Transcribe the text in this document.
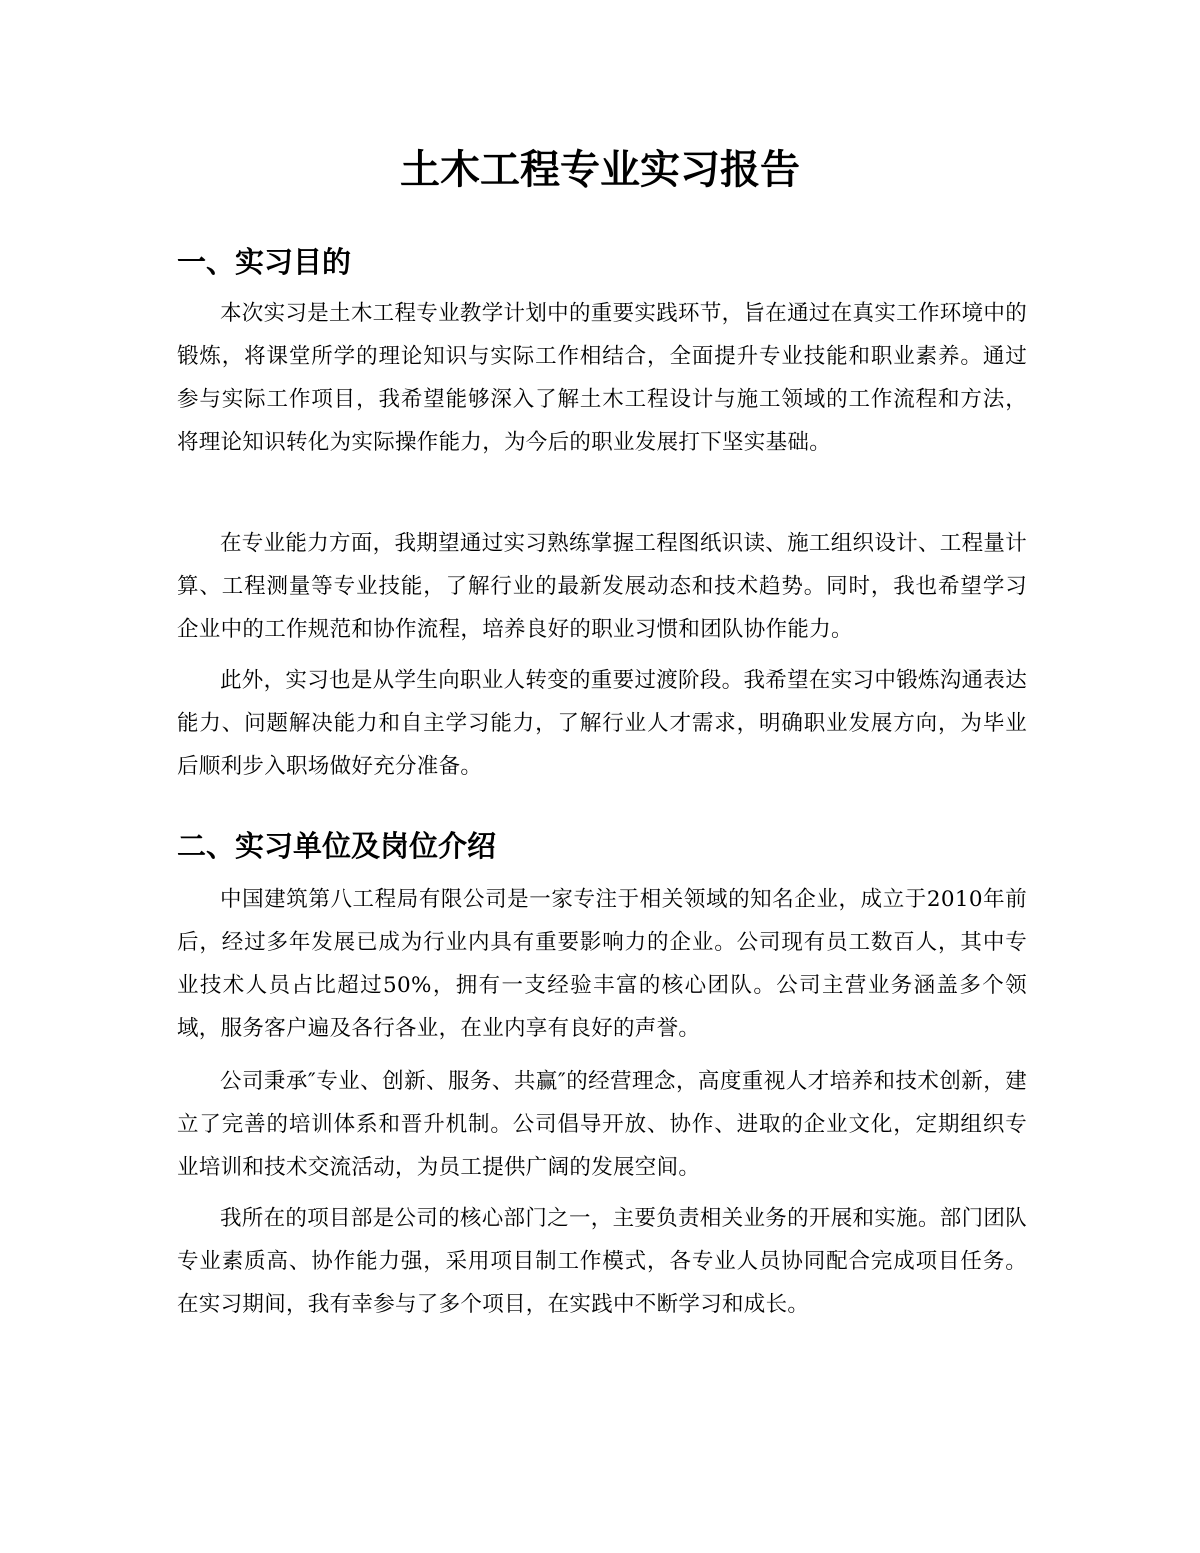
土木工程专业实习报告
一、实习目的

本次实习是土木工程专业教学计划中的重要实践环节，旨在通过在真实工作环境中的锻炼，将课堂所学的理论知识与实际工作相结合，全面提升专业技能和职业素养。通过参与实际工作项目，我希望能够深入了解土木工程设计与施工领域的工作流程和方法，将理论知识转化为实际操作能力，为今后的职业发展打下坚实基础。

在专业能力方面，我期望通过实习熟练掌握工程图纸识读、施工组织设计、工程量计算、工程测量等专业技能，了解行业的最新发展动态和技术趋势。同时，我也希望学习企业中的工作规范和协作流程，培养良好的职业习惯和团队协作能力。

此外，实习也是从学生向职业人转变的重要过渡阶段。我希望在实习中锻炼沟通表达能力、问题解决能力和自主学习能力，了解行业人才需求，明确职业发展方向，为毕业后顺利步入职场做好充分准备。

二、实习单位及岗位介绍

中国建筑第八工程局有限公司是一家专注于相关领域的知名企业，成立于2010年前后，经过多年发展已成为行业内具有重要影响力的企业。公司现有员工数百人，其中专业技术人员占比超过50%，拥有一支经验丰富的核心团队。公司主营业务涵盖多个领域，服务客户遍及各行各业，在业内享有良好的声誉。

公司秉承″专业、创新、服务、共赢″的经营理念，高度重视人才培养和技术创新，建立了完善的培训体系和晋升机制。公司倡导开放、协作、进取的企业文化，定期组织专业培训和技术交流活动，为员工提供广阔的发展空间。

我所在的项目部是公司的核心部门之一，主要负责相关业务的开展和实施。部门团队专业素质高、协作能力强，采用项目制工作模式，各专业人员协同配合完成项目任务。在实习期间，我有幸参与了多个项目，在实践中不断学习和成长。
